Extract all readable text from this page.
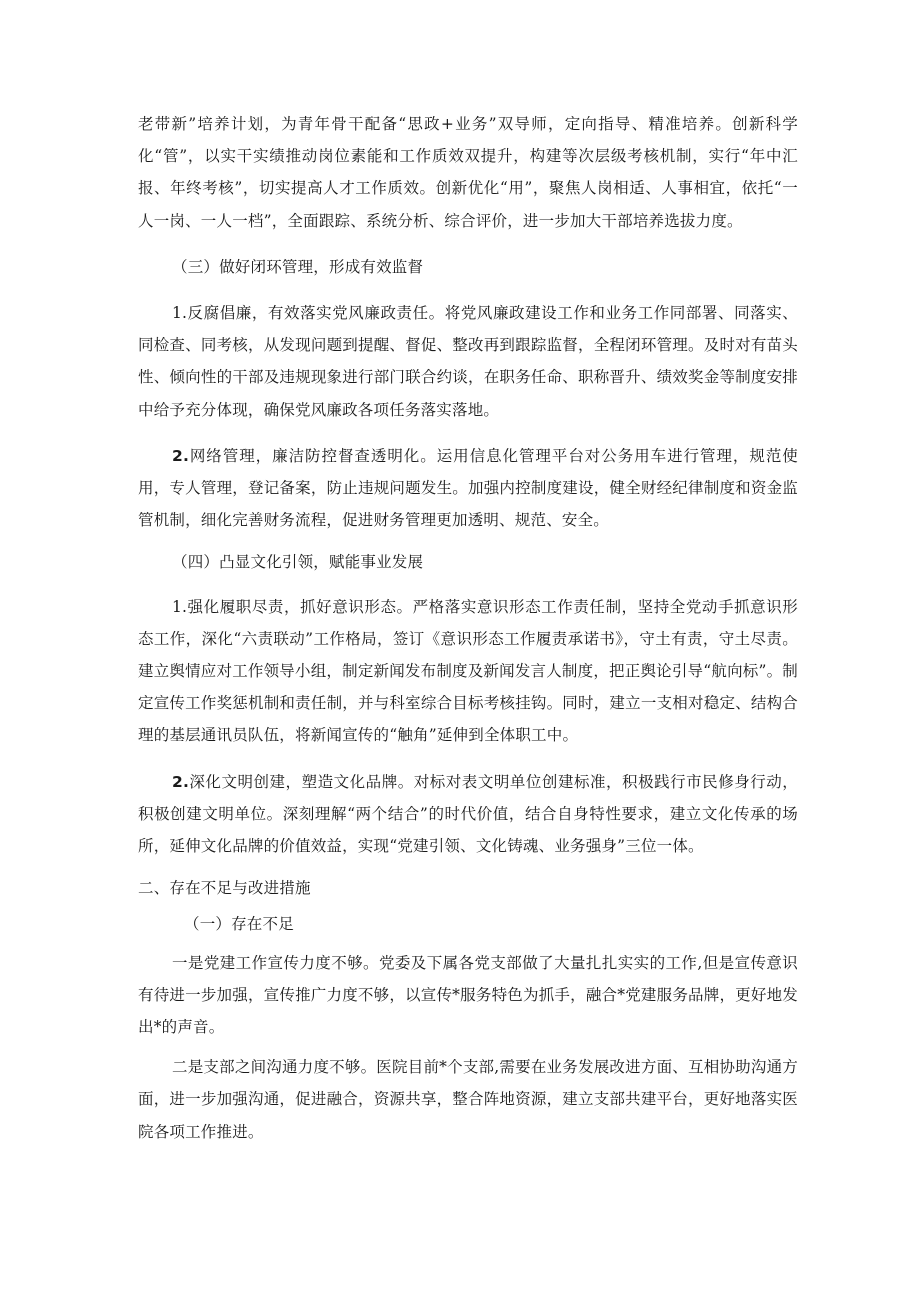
老带新”培养计划，为青年骨干配备“思政+业务”双导师，定向指导、精准培养。创新科学化“管”，以实干实绩推动岗位素能和工作质效双提升，构建等次层级考核机制，实行“年中汇报、年终考核”，切实提高人才工作质效。创新优化“用”，聚焦人岗相适、人事相宜，依托“一人一岗、一人一档”，全面跟踪、系统分析、综合评价，进一步加大干部培养选拔力度。

（三）做好闭环管理，形成有效监督

1.反腐倡廉，有效落实党风廉政责任。将党风廉政建设工作和业务工作同部署、同落实、同检查、同考核，从发现问题到提醒、督促、整改再到跟踪监督，全程闭环管理。及时对有苗头性、倾向性的干部及违规现象进行部门联合约谈，在职务任命、职称晋升、绩效奖金等制度安排中给予充分体现，确保党风廉政各项任务落实落地。

2.网络管理，廉洁防控督查透明化。运用信息化管理平台对公务用车进行管理，规范使用，专人管理，登记备案，防止违规问题发生。加强内控制度建设，健全财经纪律制度和资金监管机制，细化完善财务流程，促进财务管理更加透明、规范、安全。

（四）凸显文化引领，赋能事业发展

1.强化履职尽责，抓好意识形态。严格落实意识形态工作责任制，坚持全党动手抓意识形态工作，深化“六责联动”工作格局，签订《意识形态工作履责承诺书》，守土有责，守土尽责。建立舆情应对工作领导小组，制定新闻发布制度及新闻发言人制度，把正舆论引导“航向标”。制定宣传工作奖惩机制和责任制，并与科室综合目标考核挂钩。同时，建立一支相对稳定、结构合理的基层通讯员队伍，将新闻宣传的“触角”延伸到全体职工中。

2.深化文明创建，塑造文化品牌。对标对表文明单位创建标准，积极践行市民修身行动，积极创建文明单位。深刻理解“两个结合”的时代价值，结合自身特性要求，建立文化传承的场所，延伸文化品牌的价值效益，实现“党建引领、文化铸魂、业务强身”三位一体。

二、存在不足与改进措施

（一）存在不足

一是党建工作宣传力度不够。党委及下属各党支部做了大量扎扎实实的工作,但是宣传意识有待进一步加强，宣传推广力度不够，以宣传*服务特色为抓手，融合*党建服务品牌，更好地发出*的声音。

二是支部之间沟通力度不够。医院目前*个支部,需要在业务发展改进方面、互相协助沟通方面，进一步加强沟通，促进融合，资源共享，整合阵地资源，建立支部共建平台，更好地落实医院各项工作推进。
